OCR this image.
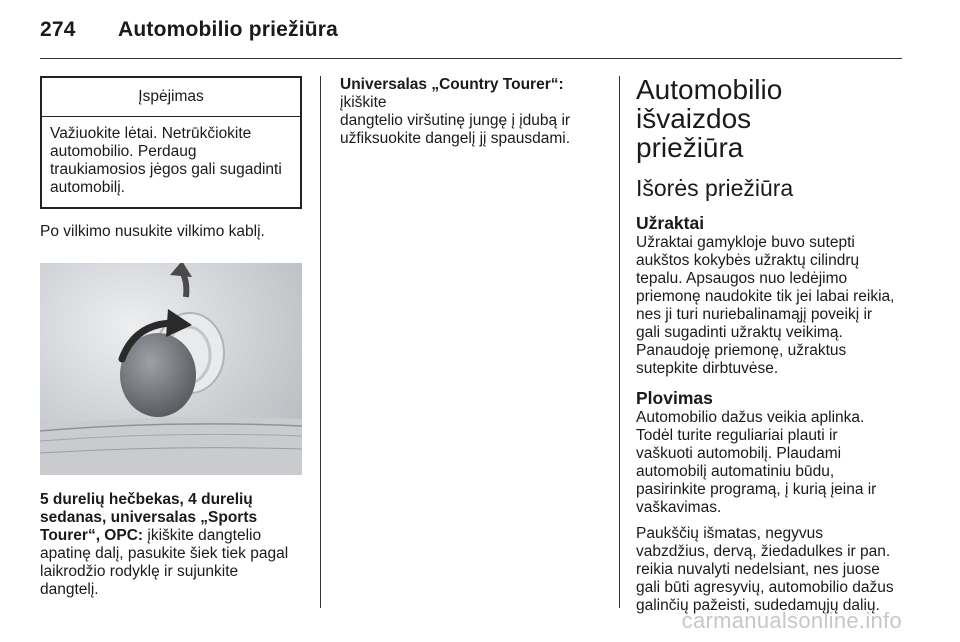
274 Automobilio priežiūra
Įspėjimas
Važiuokite lėtai. Netrūkčiokite
automobilio. Perdaug
traukiamosios jėgos gali sugadinti
automobilį.

Po vilkimo nusukite vilkimo kablį.

5 durelių hečbekas, 4 durelių
sedanas, universalas „Sports
Tourer“, OPC: įkiškite dangtelio
apatinę dalį, pasukite šiek tiek pagal
laikrodžio rodyklę ir sujunkite
dangtelį.
Universalas „Country Tourer“: įkiškite
dangtelio viršutinę jungę į įdubą ir
užfiksuokite dangelį jį spausdami.
Automobilio išvaizdos
priežiūra
Išorės priežiūra
Užraktai
Užraktai gamykloje buvo sutepti
aukštos kokybės užraktų cilindrų
tepalu. Apsaugos nuo ledėjimo
priemonę naudokite tik jei labai reikia,
nes ji turi nuriebalinamąjį poveikį ir
gali sugadinti užraktų veikimą.
Panaudoję priemonę, užraktus
sutepkite dirbtuvėse.
Plovimas
Automobilio dažus veikia aplinka.
Todėl turite reguliariai plauti ir
vaškuoti automobilį. Plaudami
automobilį automatiniu būdu,
pasirinkite programą, į kurią įeina ir
vaškavimas.
Paukščių išmatas, negyvus
vabzdžius, dervą, žiedadulkes ir pan.
reikia nuvalyti nedelsiant, nes juose
gali būti agresyvių, automobilio dažus
galinčių pažeisti, sudedamųjų dalių.
carmanualsonline.info
